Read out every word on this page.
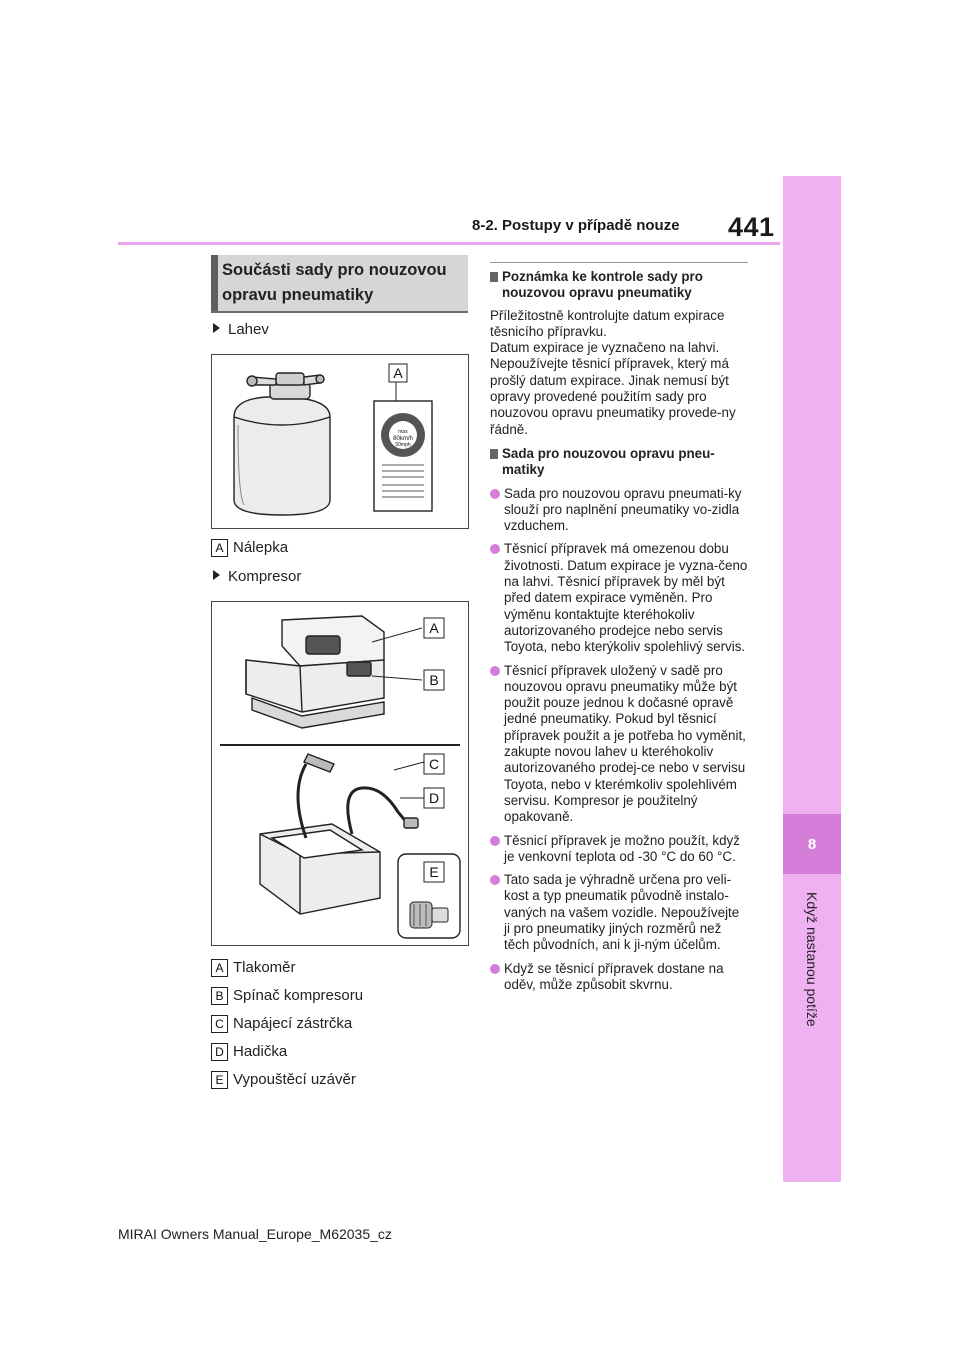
8-2. Postupy v případě nouze 441
8
Když nastanou potíže
Součásti sady pro nouzovou opravu pneumatiky
Lahev
A
max
80km/h
50mph
A Nálepka
Kompresor
A
B
C
D
E
A Tlakoměr
B Spínač kompresoru
C Napájecí zástrčka
D Hadička
E Vypouštěcí uzávěr
Poznámka ke kontrole sady pro nouzovou opravu pneumatiky
Příležitostně kontrolujte datum expirace těsnicího přípravku.
Datum expirace je vyznačeno na lahvi. Nepoužívejte těsnicí přípravek, který má prošlý datum expirace. Jinak nemusí být opravy provedené použitím sady pro nouzovou opravu pneumatiky provede-ny řádně.
Sada pro nouzovou opravu pneu-matiky
Sada pro nouzovou opravu pneumati-ky slouží pro naplnění pneumatiky vo-zidla vzduchem.
Těsnicí přípravek má omezenou dobu životnosti. Datum expirace je vyzna-čeno na lahvi. Těsnicí přípravek by měl být před datem expirace vyměněn. Pro výměnu kontaktujte kteréhokoliv autorizovaného prodejce nebo servis Toyota, nebo kterýkoliv spolehlivý servis.
Těsnicí přípravek uložený v sadě pro nouzovou opravu pneumatiky může být použit pouze jednou k dočasné opravě jedné pneumatiky. Pokud byl těsnicí přípravek použit a je potřeba ho vyměnit, zakupte novou lahev u kteréhokoliv autorizovaného prodej-ce nebo v servisu Toyota, nebo v kterémkoliv spolehlivém servisu. Kompresor je použitelný opakovaně.
Těsnicí přípravek je možno použít, když je venkovní teplota od -30 °C do 60 °C.
Tato sada je výhradně určena pro veli-kost a typ pneumatik původně instalo-vaných na vašem vozidle. Nepoužívejte ji pro pneumatiky jiných rozměrů než těch původních, ani k ji-ným účelům.
Když se těsnicí přípravek dostane na oděv, může způsobit skvrnu.
MIRAI Owners Manual_Europe_M62035_cz
